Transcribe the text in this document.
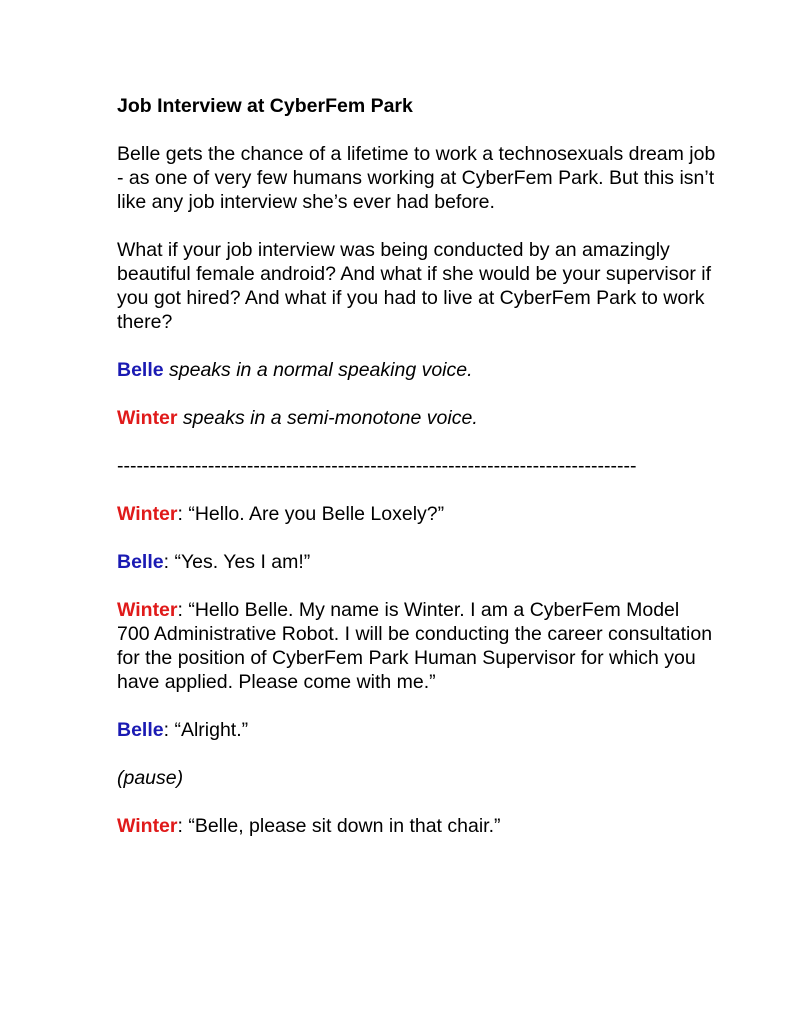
Job Interview at CyberFem Park

Belle gets the chance of a lifetime to work a technosexuals dream job - as one of very few humans working at CyberFem Park. But this isn’t like any job interview she’s ever had before.

What if your job interview was being conducted by an amazingly beautiful female android? And what if she would be your supervisor if you got hired? And what if you had to live at CyberFem Park to work there?

Belle speaks in a normal speaking voice.

Winter speaks in a semi-monotone voice.

--------------------------------------------------------------------------------

Winter: “Hello. Are you Belle Loxely?”

Belle: “Yes. Yes I am!”

Winter: “Hello Belle. My name is Winter. I am a CyberFem Model 700 Administrative Robot. I will be conducting the career consultation for the position of CyberFem Park Human Supervisor for which you have applied. Please come with me.”

Belle: “Alright.”

(pause)

Winter: “Belle, please sit down in that chair.”
